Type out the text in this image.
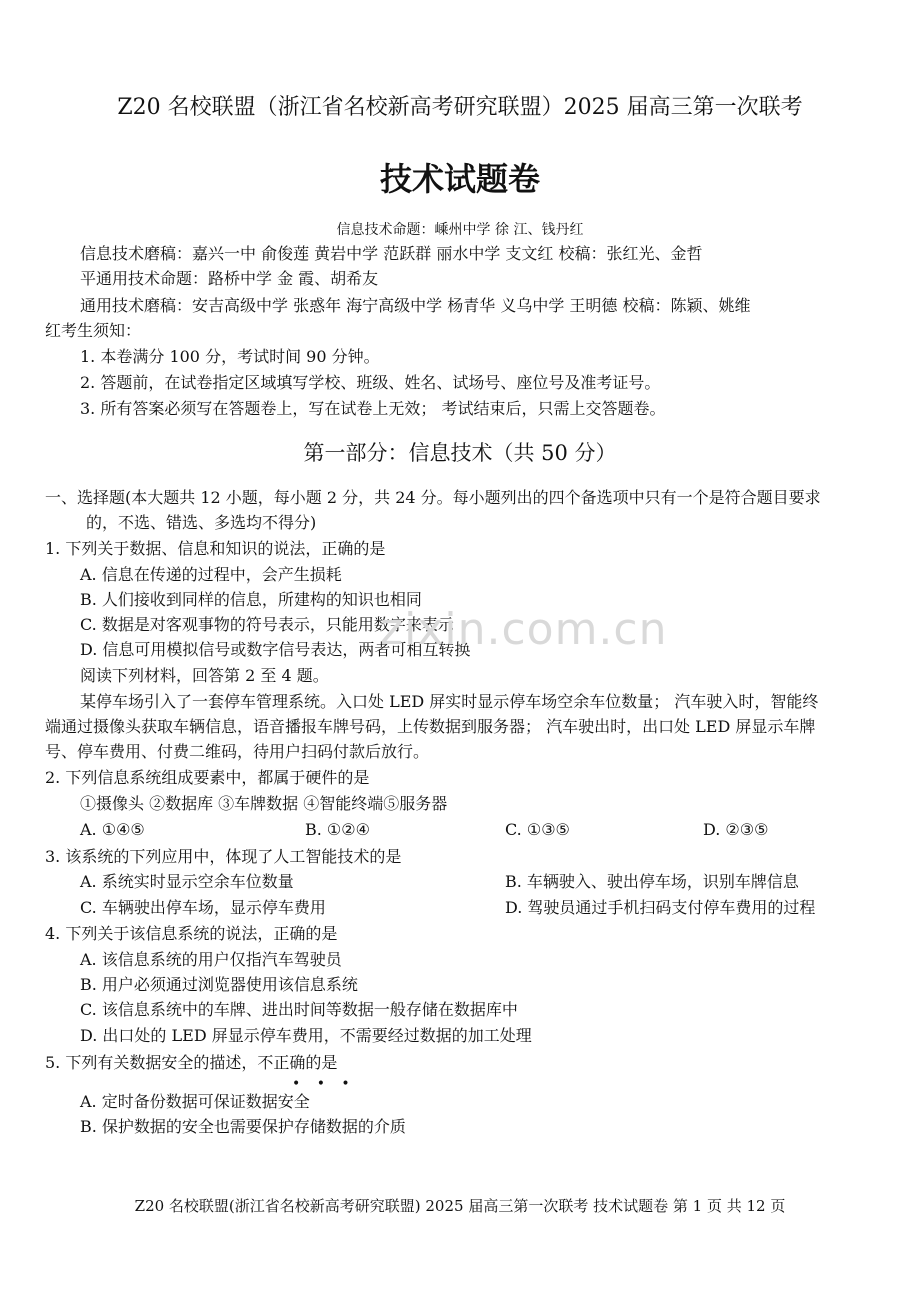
Z20 名校联盟（浙江省名校新高考研究联盟）2025 届高三第一次联考
技术试题卷
信息技术命题：嵊州中学 徐 江、钱丹红
信息技术磨稿：嘉兴一中 俞俊莲 黄岩中学 范跃群 丽水中学 支文红 校稿：张红光、金哲
平通用技术命题：路桥中学 金 霞、胡希友
通用技术磨稿：安吉高级中学 张惑年 海宁高级中学 杨青华 义乌中学 王明德 校稿：陈颖、姚维
红考生须知：
1. 本卷满分 100 分，考试时间 90 分钟。
2. 答题前，在试卷指定区域填写学校、班级、姓名、试场号、座位号及准考证号。
3. 所有答案必须写在答题卷上，写在试卷上无效； 考试结束后，只需上交答题卷。
第一部分：信息技术（共 50 分）
一、选择题(本大题共 12 小题，每小题 2 分，共 24 分。每小题列出的四个备选项中只有一个是符合题目要求
的，不选、错选、多选均不得分)
1. 下列关于数据、信息和知识的说法，正确的是
A. 信息在传递的过程中，会产生损耗
B. 人们接收到同样的信息，所建构的知识也相同
C. 数据是对客观事物的符号表示，只能用数字来表示
D. 信息可用模拟信号或数字信号表达，两者可相互转换
阅读下列材料，回答第 2 至 4 题。
某停车场引入了一套停车管理系统。入口处 LED 屏实时显示停车场空余车位数量； 汽车驶入时，智能终
端通过摄像头获取车辆信息，语音播报车牌号码，上传数据到服务器； 汽车驶出时，出口处 LED 屏显示车牌
号、停车费用、付费二维码，待用户扫码付款后放行。
2. 下列信息系统组成要素中，都属于硬件的是
①摄像头 ②数据库 ③车牌数据 ④智能终端⑤服务器
A. ①④⑤	B. ①②④	C. ①③⑤	D. ②③⑤
3. 该系统的下列应用中，体现了人工智能技术的是
A. 系统实时显示空余车位数量	B. 车辆驶入、驶出停车场，识别车牌信息
C. 车辆驶出停车场，显示停车费用	D. 驾驶员通过手机扫码支付停车费用的过程
4. 下列关于该信息系统的说法，正确的是
A. 该信息系统的用户仅指汽车驾驶员
B. 用户必须通过浏览器使用该信息系统
C. 该信息系统中的车牌、进出时间等数据一般存储在数据库中
D. 出口处的 LED 屏显示停车费用，不需要经过数据的加工处理
5. 下列有关数据安全的描述，不正确的是
• • •
A. 定时备份数据可保证数据安全
B. 保护数据的安全也需要保护存储数据的介质
zixin.com.cn
Z20 名校联盟(浙江省名校新高考研究联盟) 2025 届高三第一次联考 技术试题卷 第 1 页 共 12 页
